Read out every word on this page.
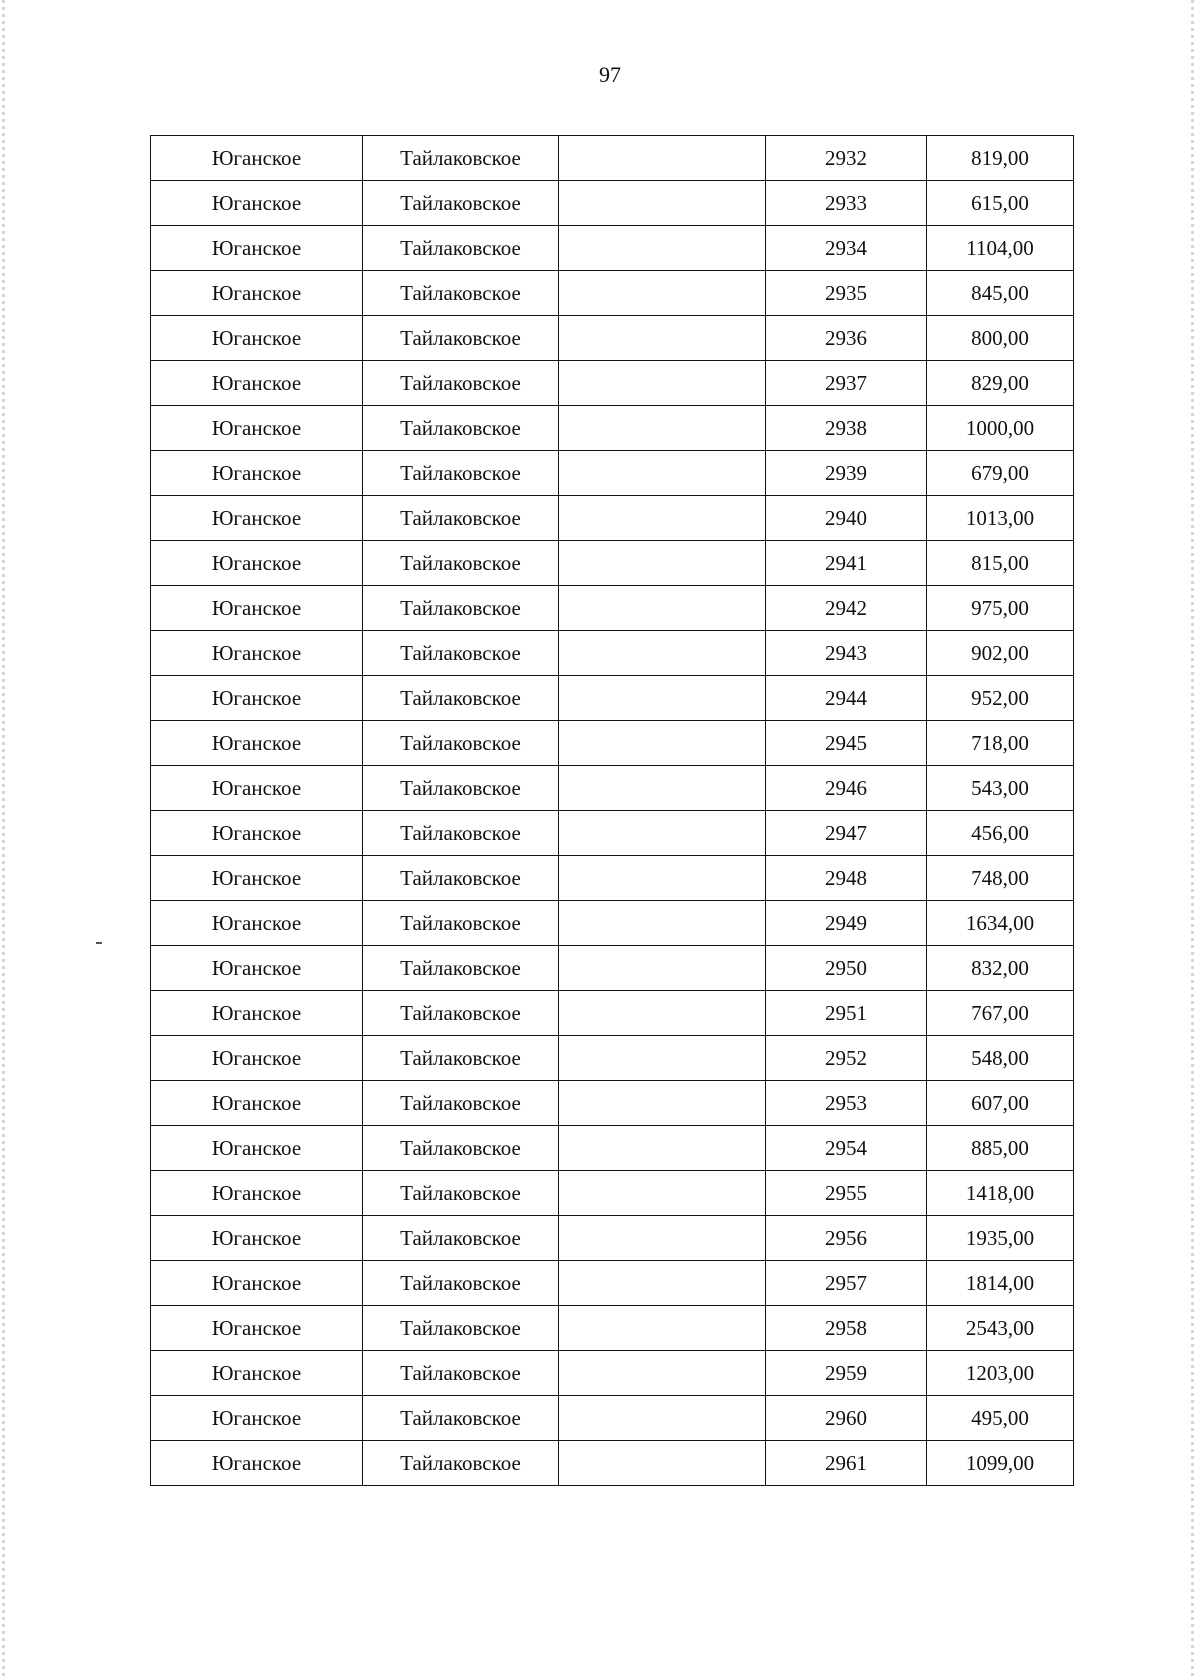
97
Юганское	Тайлаковское		2932	819,00
Юганское	Тайлаковское		2933	615,00
Юганское	Тайлаковское		2934	1104,00
Юганское	Тайлаковское		2935	845,00
Юганское	Тайлаковское		2936	800,00
Юганское	Тайлаковское		2937	829,00
Юганское	Тайлаковское		2938	1000,00
Юганское	Тайлаковское		2939	679,00
Юганское	Тайлаковское		2940	1013,00
Юганское	Тайлаковское		2941	815,00
Юганское	Тайлаковское		2942	975,00
Юганское	Тайлаковское		2943	902,00
Юганское	Тайлаковское		2944	952,00
Юганское	Тайлаковское		2945	718,00
Юганское	Тайлаковское		2946	543,00
Юганское	Тайлаковское		2947	456,00
Юганское	Тайлаковское		2948	748,00
Юганское	Тайлаковское		2949	1634,00
Юганское	Тайлаковское		2950	832,00
Юганское	Тайлаковское		2951	767,00
Юганское	Тайлаковское		2952	548,00
Юганское	Тайлаковское		2953	607,00
Юганское	Тайлаковское		2954	885,00
Юганское	Тайлаковское		2955	1418,00
Юганское	Тайлаковское		2956	1935,00
Юганское	Тайлаковское		2957	1814,00
Юганское	Тайлаковское		2958	2543,00
Юганское	Тайлаковское		2959	1203,00
Юганское	Тайлаковское		2960	495,00
Юганское	Тайлаковское		2961	1099,00
